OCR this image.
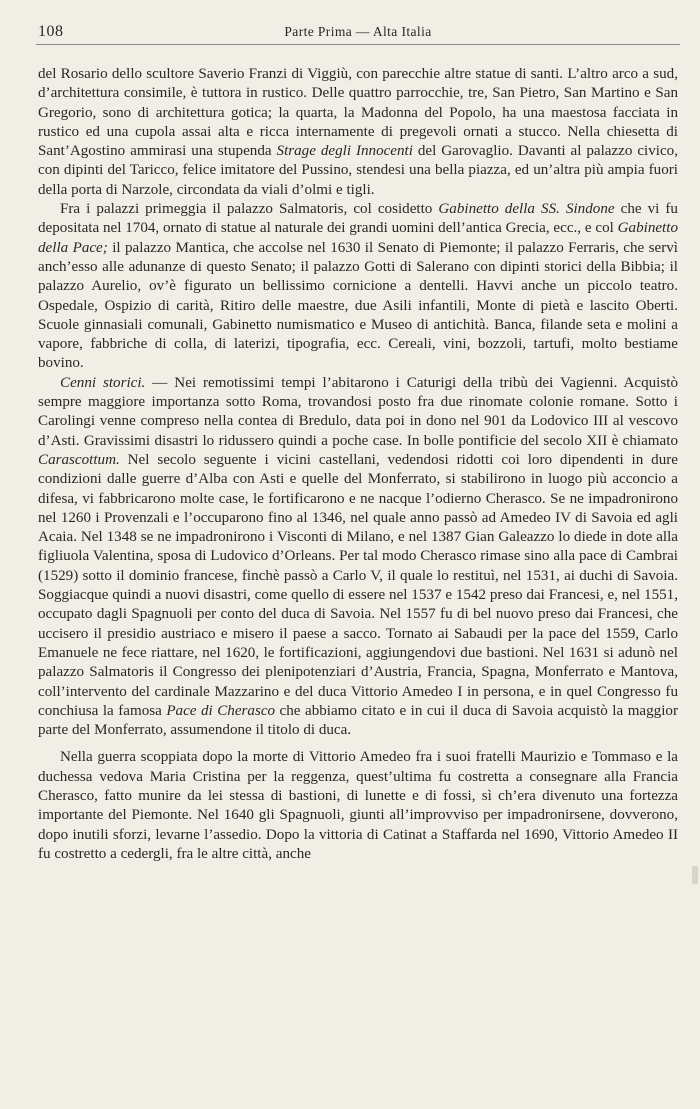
108	Parte Prima — Alta Italia

del Rosario dello scultore Saverio Franzi di Viggiù, con parecchie altre statue di santi. L’altro arco a sud, d’architettura consimile, è tuttora in rustico. Delle quattro parrocchie, tre, San Pietro, San Martino e San Gregorio, sono di architettura gotica; la quarta, la Madonna del Popolo, ha una maestosa facciata in rustico ed una cupola assai alta e ricca internamente di pregevoli ornati a stucco. Nella chiesetta di Sant’Agostino ammirasi una stupenda Strage degli Innocenti del Garovaglio. Davanti al palazzo civico, con dipinti del Taricco, felice imitatore del Pussino, stendesi una bella piazza, ed un’altra più ampia fuori della porta di Narzole, circondata da viali d’olmi e tigli.

Fra i palazzi primeggia il palazzo Salmatoris, col cosidetto Gabinetto della SS. Sindone che vi fu depositata nel 1704, ornato di statue al naturale dei grandi uomini dell’antica Grecia, ecc., e col Gabinetto della Pace; il palazzo Mantica, che accolse nel 1630 il Senato di Piemonte; il palazzo Ferraris, che servì anch’esso alle adunanze di questo Senato; il palazzo Gotti di Salerano con dipinti storici della Bibbia; il palazzo Aurelio, ov’è figurato un bellissimo cornicione a dentelli. Havvi anche un piccolo teatro. Ospedale, Ospizio di carità, Ritiro delle maestre, due Asili infantili, Monte di pietà e lascito Oberti. Scuole ginnasiali comunali, Gabinetto numismatico e Museo di antichità. Banca, filande seta e molini a vapore, fabbriche di colla, di laterizi, tipografia, ecc. Cereali, vini, bozzoli, tartufi, molto bestiame bovino.

Cenni storici. — Nei remotissimi tempi l’abitarono i Caturigi della tribù dei Vagienni. Acquistò sempre maggiore importanza sotto Roma, trovandosi posto fra due rinomate colonie romane. Sotto i Carolingi venne compreso nella contea di Bredulo, data poi in dono nel 901 da Lodovico III al vescovo d’Asti. Gravissimi disastri lo ridussero quindi a poche case. In bolle pontificie del secolo XII è chiamato Carascottum. Nel secolo seguente i vicini castellani, vedendosi ridotti coi loro dipendenti in dure condizioni dalle guerre d’Alba con Asti e quelle del Monferrato, si stabilirono in luogo più acconcio a difesa, vi fabbricarono molte case, le fortificarono e ne nacque l’odierno Cherasco. Se ne impadronirono nel 1260 i Provenzali e l’occuparono fino al 1346, nel quale anno passò ad Amedeo IV di Savoia ed agli Acaia. Nel 1348 se ne impadronirono i Visconti di Milano, e nel 1387 Gian Galeazzo lo diede in dote alla figliuola Valentina, sposa di Ludovico d’Orleans. Per tal modo Cherasco rimase sino alla pace di Cambrai (1529) sotto il dominio francese, finchè passò a Carlo V, il quale lo restituì, nel 1531, ai duchi di Savoia. Soggiacque quindi a nuovi disastri, come quello di essere nel 1537 e 1542 preso dai Francesi, e, nel 1551, occupato dagli Spagnuoli per conto del duca di Savoia. Nel 1557 fu di bel nuovo preso dai Francesi, che uccisero il presidio austriaco e misero il paese a sacco. Tornato ai Sabaudi per la pace del 1559, Carlo Emanuele ne fece riattare, nel 1620, le fortificazioni, aggiungendovi due bastioni. Nel 1631 si adunò nel palazzo Salmatoris il Congresso dei plenipotenziari d’Austria, Francia, Spagna, Monferrato e Mantova, coll’intervento del cardinale Mazzarino e del duca Vittorio Amedeo I in persona, e in quel Congresso fu conchiusa la famosa Pace di Cherasco che abbiamo citato e in cui il duca di Savoia acquistò la maggior parte del Monferrato, assumendone il titolo di duca.

Nella guerra scoppiata dopo la morte di Vittorio Amedeo fra i suoi fratelli Maurizio e Tommaso e la duchessa vedova Maria Cristina per la reggenza, quest’ultima fu costretta a consegnare alla Francia Cherasco, fatto munire da lei stessa di bastioni, di lunette e di fossi, sì ch’era divenuto una fortezza importante del Piemonte. Nel 1640 gli Spagnuoli, giunti all’improvviso per impadronirsene, dovverono, dopo inutili sforzi, levarne l’assedio. Dopo la vittoria di Catinat a Staffarda nel 1690, Vittorio Amedeo II fu costretto a cedergli, fra le altre città, anche
